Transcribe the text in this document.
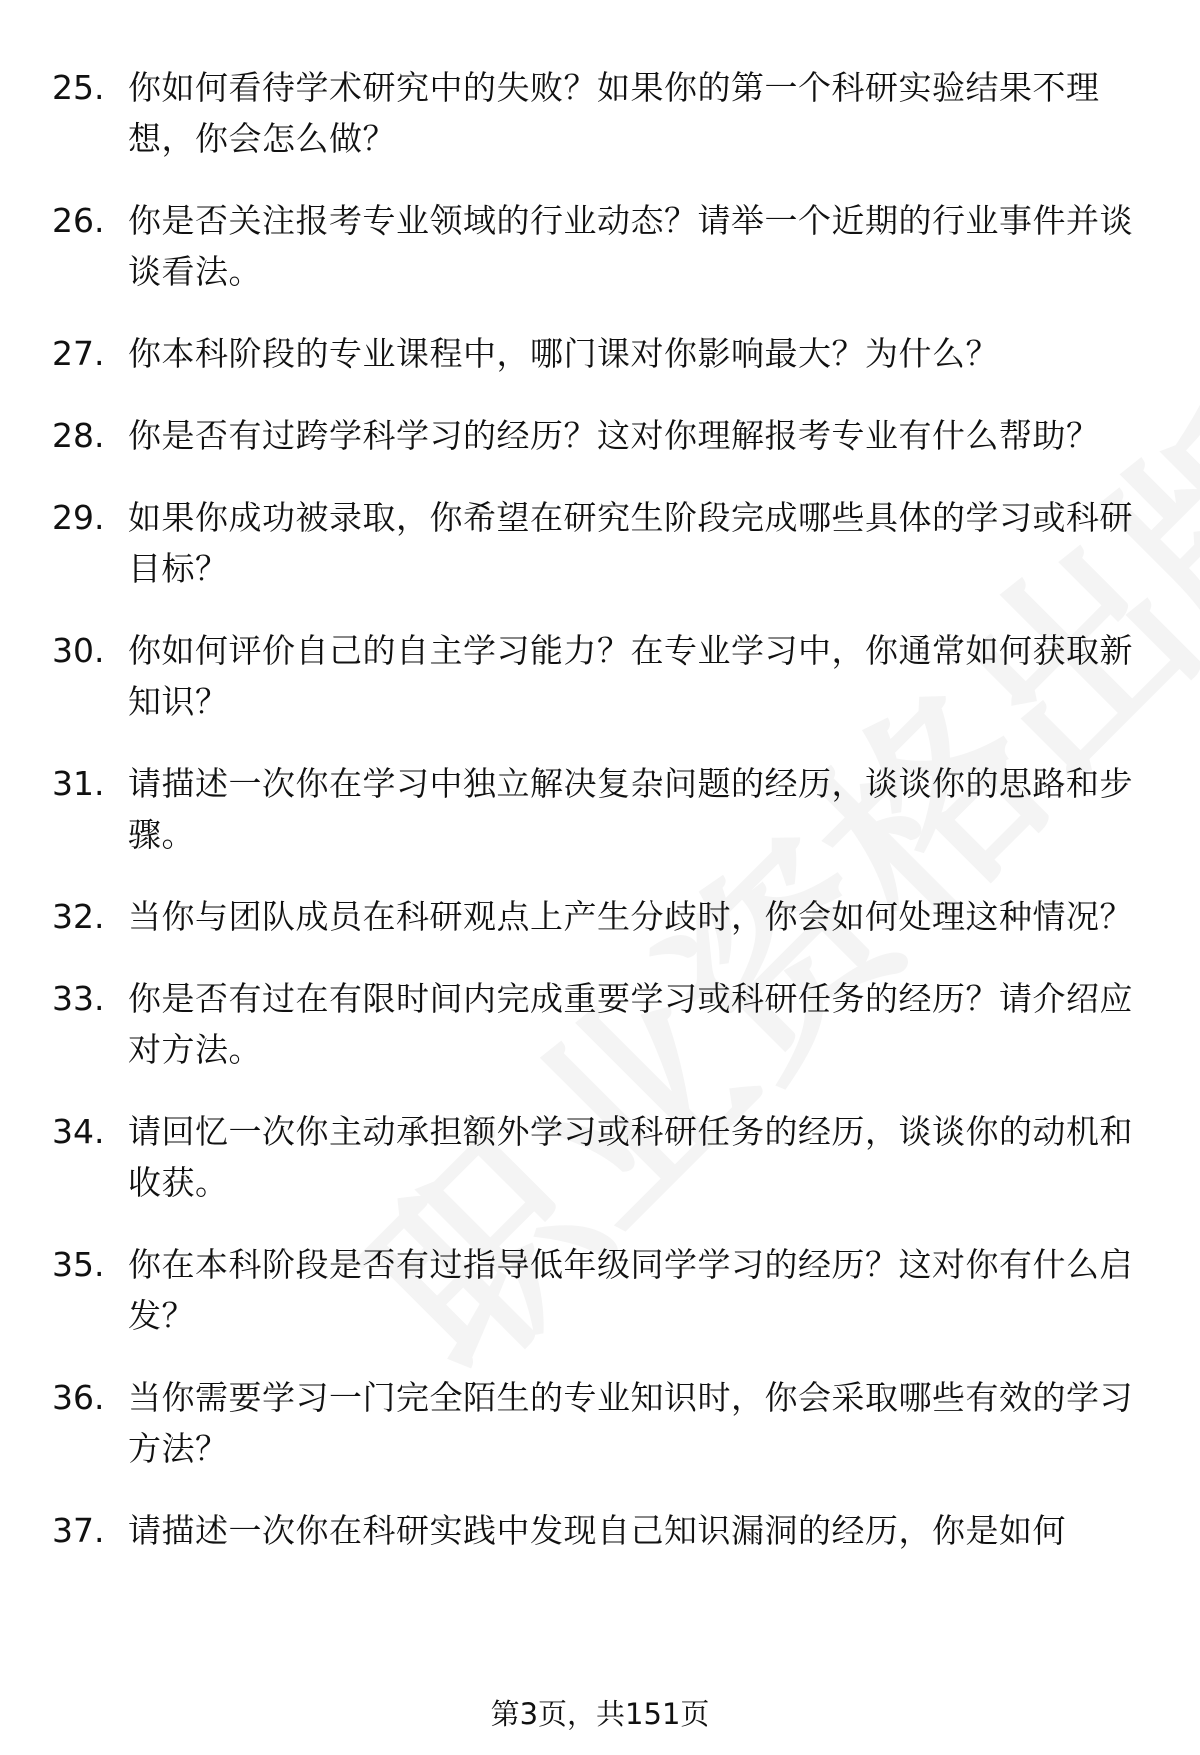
25. 你如何看待学术研究中的失败？如果你的第一个科研实验结果不理想，你会怎么做？
26. 你是否关注报考专业领域的行业动态？请举一个近期的行业事件并谈谈看法。
27. 你本科阶段的专业课程中，哪门课对你影响最大？为什么？
28. 你是否有过跨学科学习的经历？这对你理解报考专业有什么帮助？
29. 如果你成功被录取，你希望在研究生阶段完成哪些具体的学习或科研目标？
30. 你如何评价自己的自主学习能力？在专业学习中，你通常如何获取新知识？
31. 请描述一次你在学习中独立解决复杂问题的经历，谈谈你的思路和步骤。
32. 当你与团队成员在科研观点上产生分歧时，你会如何处理这种情况？
33. 你是否有过在有限时间内完成重要学习或科研任务的经历？请介绍应对方法。
34. 请回忆一次你主动承担额外学习或科研任务的经历，谈谈你的动机和收获。
35. 你在本科阶段是否有过指导低年级同学学习的经历？这对你有什么启发？
36. 当你需要学习一门完全陌生的专业知识时，你会采取哪些有效的学习方法？
37. 请描述一次你在科研实践中发现自己知识漏洞的经历，你是如何
第3页，共151页
